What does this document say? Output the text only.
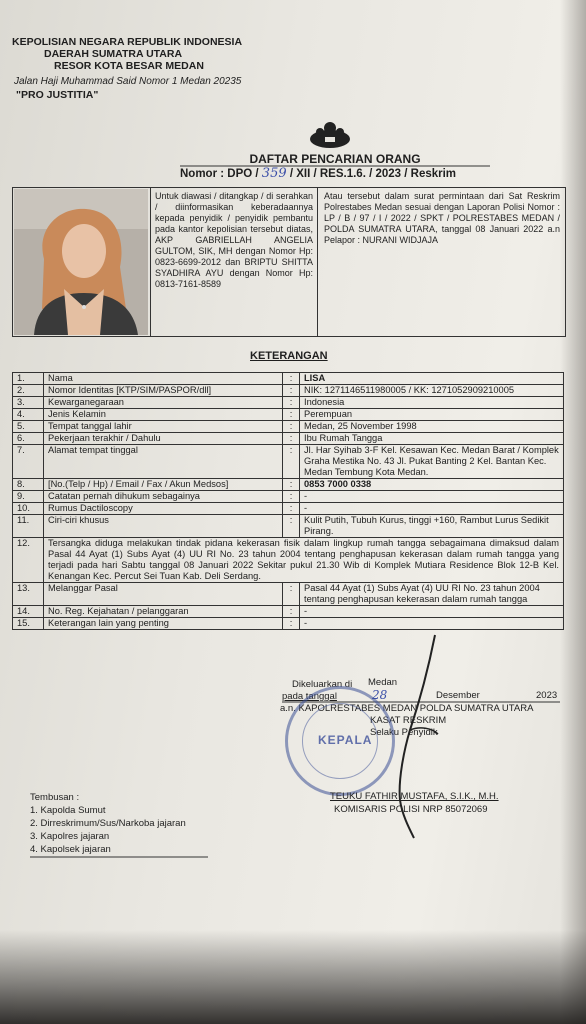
KEPOLISIAN NEGARA REPUBLIK INDONESIA
DAERAH SUMATRA UTARA
RESOR KOTA BESAR MEDAN
Jalan Haji Muhammad Said Nomor 1 Medan 20235
"PRO JUSTITIA"
DAFTAR PENCARIAN ORANG
Nomor : DPO / 359 / XII / RES.1.6. / 2023 / Reskrim
Untuk diawasi / ditangkap / di serahkan / diinformasikan keberadaannya kepada penyidik / penyidik pembantu pada kantor kepolisian tersebut diatas, AKP GABRIELLAH ANGELIA GULTOM, SIK, MH dengan Nomor Hp: 0823-6699-2012 dan BRIPTU SHITTA SYADHIRA AYU dengan Nomor Hp: 0813-7161-8589
Atau tersebut dalam surat permintaan dari Sat Reskrim Polrestabes Medan sesuai dengan Laporan Polisi Nomor : LP / B / 97 / I / 2022 / SPKT / POLRESTABES MEDAN / POLDA SUMATRA UTARA, tanggal 08 Januari 2022 a.n Pelapor : NURANI WIDJAJA
KETERANGAN
1.	Nama	:	LISA
2.	Nomor Identitas [KTP/SIM/PASPOR/dll]	:	NIK: 1271146511980005 / KK: 1271052909210005
3.	Kewarganegaraan	:	Indonesia
4.	Jenis Kelamin	:	Perempuan
5.	Tempat tanggal lahir	:	Medan, 25 November 1998
6.	Pekerjaan terakhir / Dahulu	:	Ibu Rumah Tangga
7.	Alamat tempat tinggal	:	Jl. Har Syihab 3-F Kel. Kesawan Kec. Medan Barat / Komplek Graha Mestika No. 43 Jl. Pukat Banting 2 Kel. Bantan Kec. Medan Tembung Kota Medan.
8.	[No.(Telp / Hp) / Email / Fax / Akun Medsos]	:	0853 7000 0338
9.	Catatan pernah dihukum sebagainya	:	-
10.	Rumus Dactiloscopy	:	-
11.	Ciri-ciri khusus	:	Kulit Putih, Tubuh Kurus, tinggi +160, Rambut Lurus Sedikit Pirang.
12.	Tersangka diduga melakukan tindak pidana kekerasan fisik dalam lingkup rumah tangga sebagaimana dimaksud dalam Pasal 44 Ayat (1) Subs Ayat (4) UU RI No. 23 tahun 2004 tentang penghapusan kekerasan dalam rumah tangga yang terjadi pada hari Sabtu tanggal 08 Januari 2022 Sekitar pukul 21.30 Wib di Komplek Mutiara Residence Blok 12-B Kel. Kenangan Kec. Percut Sei Tuan Kab. Deli Serdang.		
13.	Melanggar Pasal	:	Pasal 44 Ayat (1) Subs Ayat (4) UU RI No. 23 tahun 2004 tentang penghapusan kekerasan dalam rumah tangga
14.	No. Reg. Kejahatan / pelanggaran	:	-
15.	Keterangan lain yang penting	:	-
Dikeluarkan di Medan
pada tanggal	28	Desember	2023
a.n. KAPOLRESTABES MEDAN POLDA SUMATRA UTARA
KASAT RESKRIM
Selaku Penyidik
KEPALA
TEUKU FATHIR MUSTAFA, S.I.K., M.H.
KOMISARIS POLISI NRP 85072069
Tembusan :
1. Kapolda Sumut
2. Dirreskrimum/Sus/Narkoba jajaran
3. Kapolres jajaran
4. Kapolsek jajaran
